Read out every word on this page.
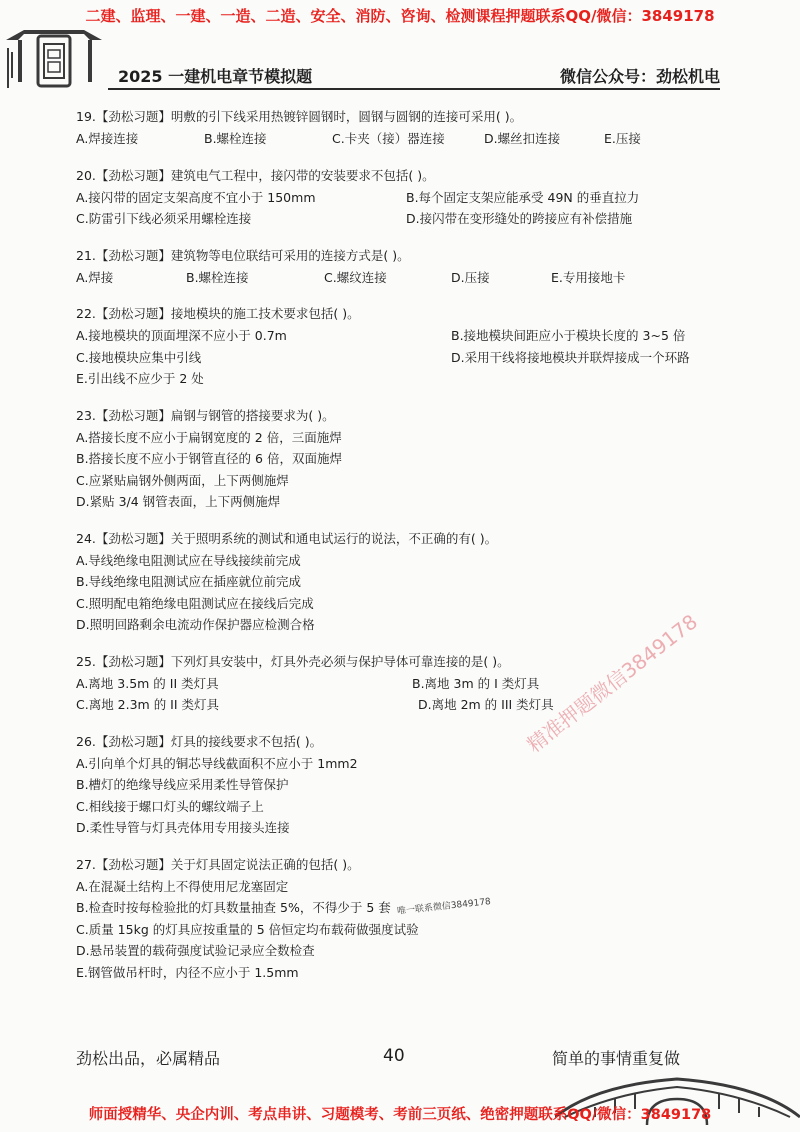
二建、监理、一建、一造、二造、安全、消防、咨询、检测课程押题联系QQ/微信：3849178
2025 一建机电章节模拟题	微信公众号：劲松机电
19.【劲松习题】明敷的引下线采用热镀锌圆钢时，圆钢与圆钢的连接可采用( )。
A.焊接连接	B.螺栓连接	C.卡夹（接）器连接	D.螺丝扣连接	E.压接
20.【劲松习题】建筑电气工程中，接闪带的安装要求不包括( )。
A.接闪带的固定支架高度不宜小于 150mm	B.每个固定支架应能承受 49N 的垂直拉力
C.防雷引下线必须采用螺栓连接	D.接闪带在变形缝处的跨接应有补偿措施
21.【劲松习题】建筑物等电位联结可采用的连接方式是( )。
A.焊接	B.螺栓连接	C.螺纹连接	D.压接	E.专用接地卡
22.【劲松习题】接地模块的施工技术要求包括( )。
A.接地模块的顶面埋深不应小于 0.7m	B.接地模块间距应小于模块长度的 3~5 倍
C.接地模块应集中引线	D.采用干线将接地模块并联焊接成一个环路
E.引出线不应少于 2 处
23.【劲松习题】扁钢与钢管的搭接要求为( )。
A.搭接长度不应小于扁钢宽度的 2 倍，三面施焊
B.搭接长度不应小于钢管直径的 6 倍，双面施焊
C.应紧贴扁钢外侧两面，上下两侧施焊
D.紧贴 3/4 钢管表面，上下两侧施焊
24.【劲松习题】关于照明系统的测试和通电试运行的说法，不正确的有( )。
A.导线绝缘电阻测试应在导线接续前完成
B.导线绝缘电阻测试应在插座就位前完成
C.照明配电箱绝缘电阻测试应在接线后完成
D.照明回路剩余电流动作保护器应检测合格
25.【劲松习题】下列灯具安装中，灯具外壳必须与保护导体可靠连接的是( )。
A.离地 3.5m 的 II 类灯具	B.离地 3m 的 I 类灯具
C.离地 2.3m 的 II 类灯具	D.离地 2m 的 III 类灯具
26.【劲松习题】灯具的接线要求不包括( )。
A.引向单个灯具的铜芯导线截面积不应小于 1mm2
B.槽灯的绝缘导线应采用柔性导管保护
C.相线接于螺口灯头的螺纹端子上
D.柔性导管与灯具壳体用专用接头连接
27.【劲松习题】关于灯具固定说法正确的包括( )。
A.在混凝土结构上不得使用尼龙塞固定
B.检查时按每检验批的灯具数量抽查 5%，不得少于 5 套 唯一联系微信3849178
C.质量 15kg 的灯具应按重量的 5 倍恒定均布载荷做强度试验
D.悬吊装置的载荷强度试验记录应全数检查
E.钢管做吊杆时，内径不应小于 1.5mm
精准押题微信3849178
劲松出品，必属精品	40	简单的事情重复做
师面授精华、央企内训、考点串讲、习题模考、考前三页纸、绝密押题联系QQ/微信：3849178
